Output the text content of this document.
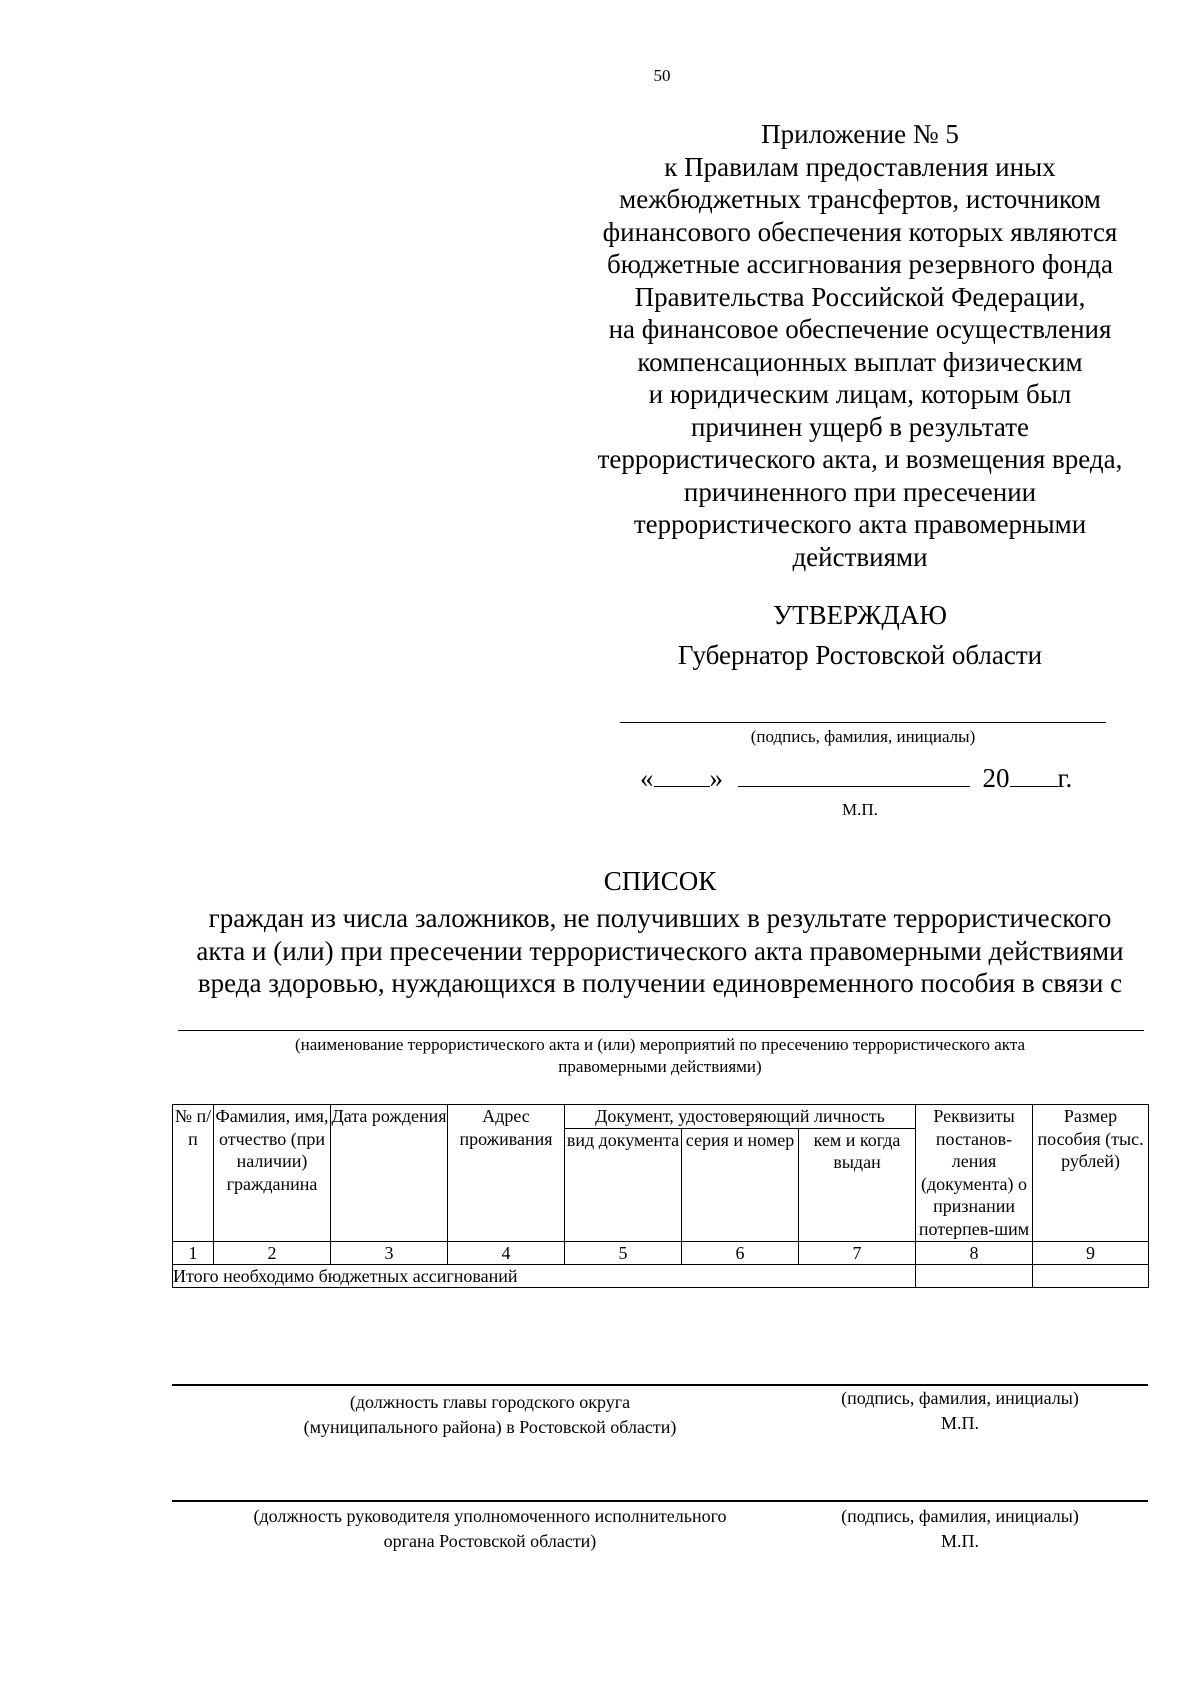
50
Приложение № 5
к Правилам предоставления иных
межбюджетных трансфертов, источником
финансового обеспечения которых являются
бюджетные ассигнования резервного фонда
Правительства Российской Федерации,
на финансовое обеспечение осуществления
компенсационных выплат физическим
и юридическим лицам, которым был
причинен ущерб в результате
террористического акта, и возмещения вреда,
причиненного при пресечении
террористического акта правомерными
действиями
УТВЕРЖДАЮ
Губернатор Ростовской области
(подпись, фамилия, инициалы)
« »	20 г.
М.П.
СПИСОК
граждан из числа заложников, не получивших в результате террористического
акта и (или) при пресечении террористического акта правомерными действиями
вреда здоровью, нуждающихся в получении единовременного пособия в связи с
(наименование террористического акта и (или) мероприятий по пресечению террористического акта
правомерными действиями)
№ п/п	Фамилия, имя, отчество (при наличии) гражданина	Дата рождения	Адрес проживания	Документ, удостоверяющий личность			Реквизиты постанов-ления (документа) о признании потерпев-шим	Размер пособия (тыс. рублей)
				вид документа	серия и номер	кем и когда выдан		
1	2	3	4	5	6	7	8	9
Итого необходимо бюджетных ассигнований								
(должность главы городского округа
(муниципального района) в Ростовской области)
(подпись, фамилия, инициалы)
М.П.
(должность руководителя уполномоченного исполнительного
органа Ростовской области)
(подпись, фамилия, инициалы)
М.П.
